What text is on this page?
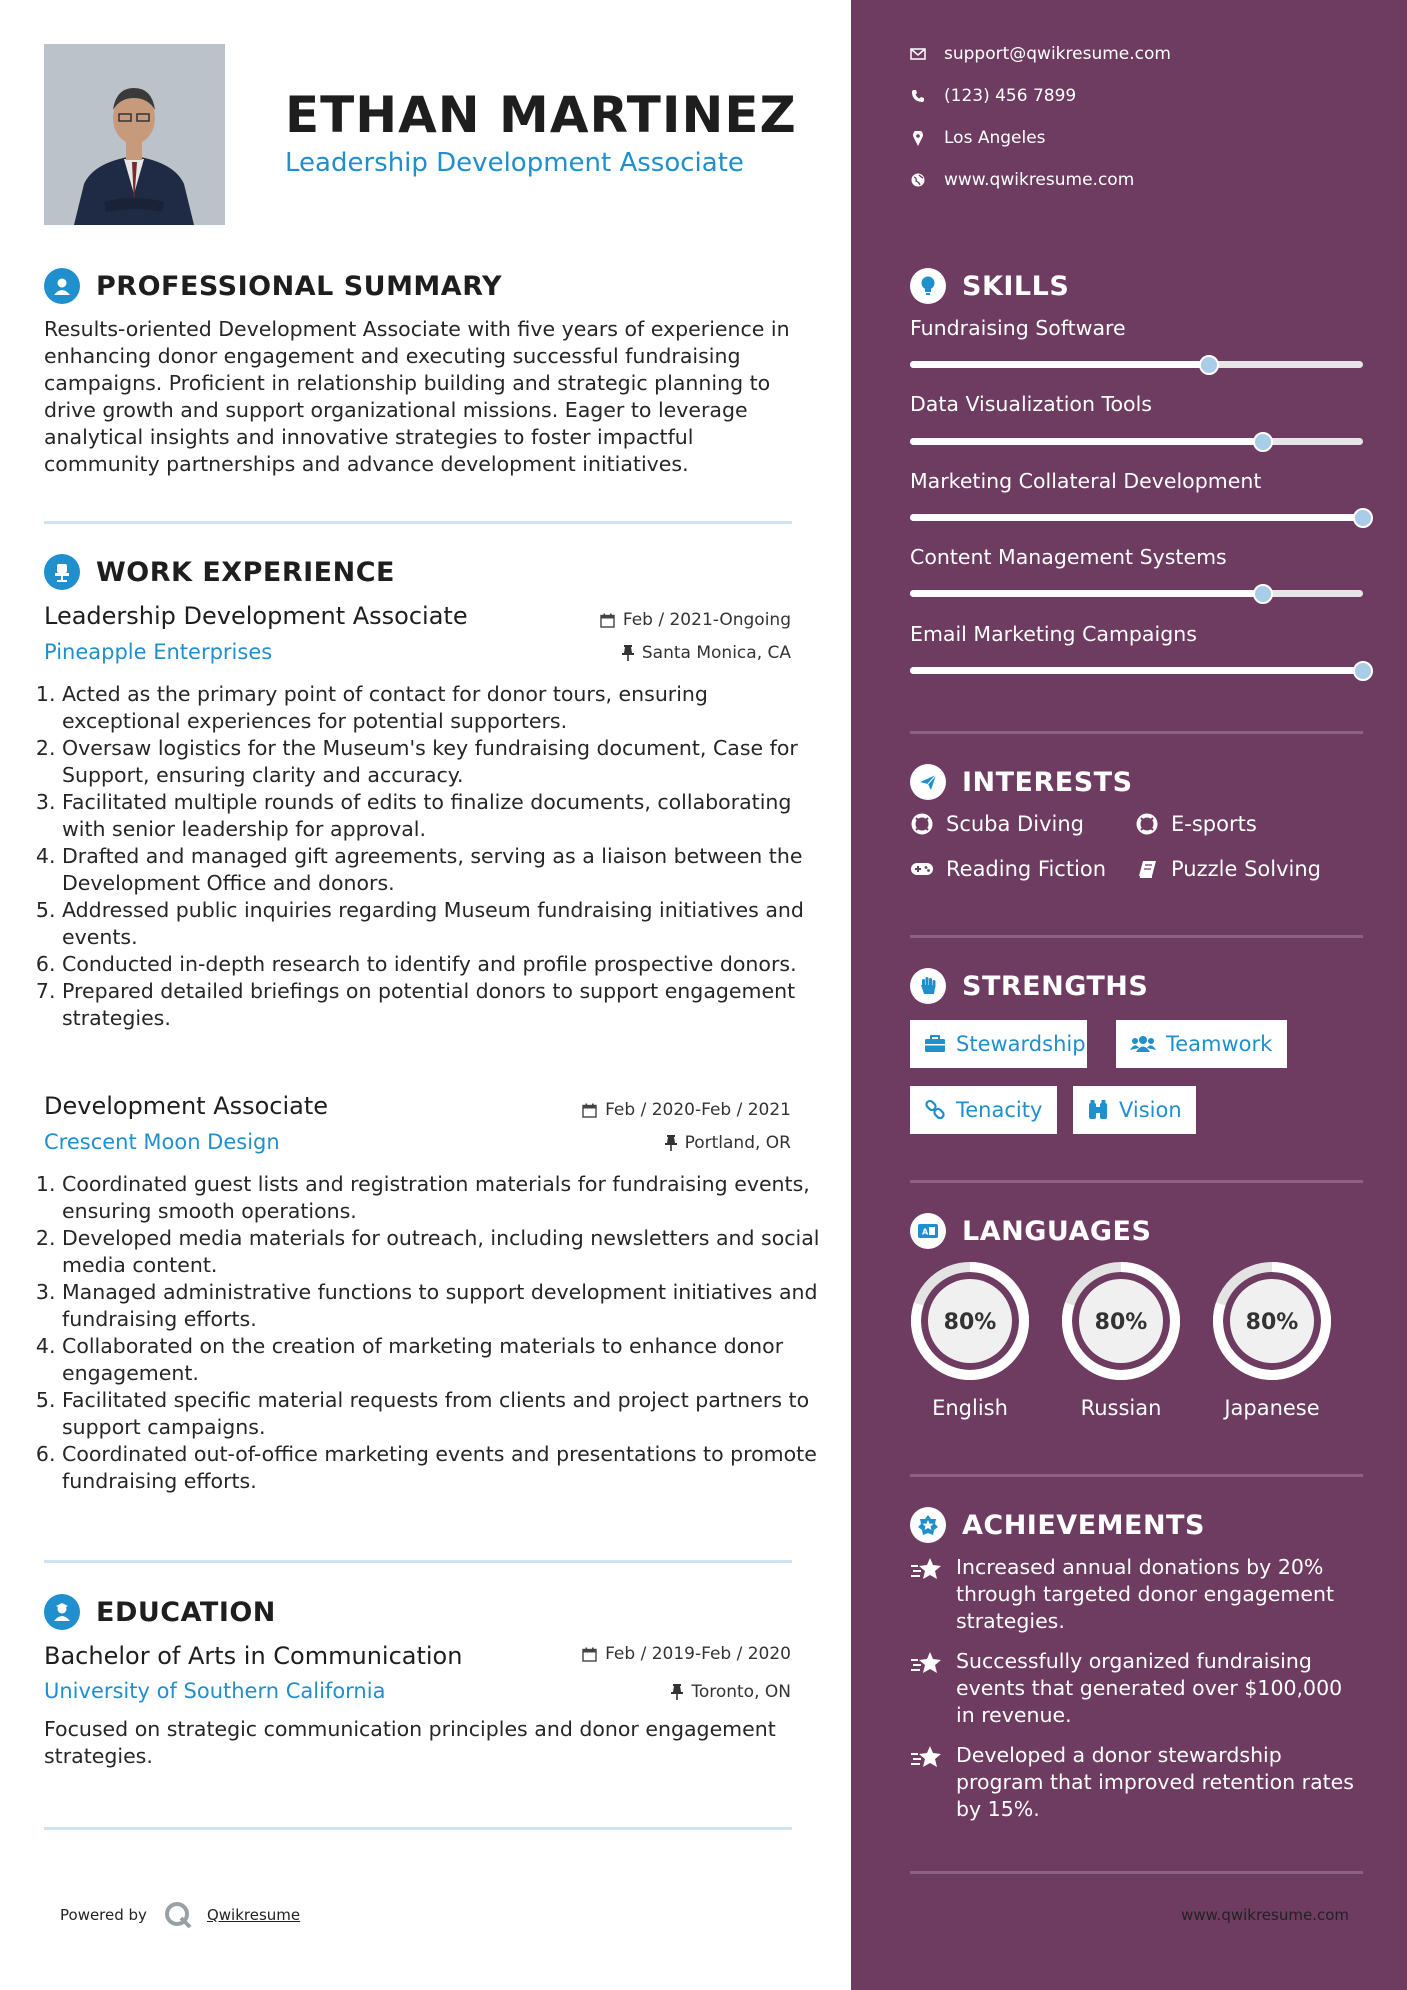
ETHAN MARTINEZ
Leadership Development Associate
PROFESSIONAL SUMMARY
Results-oriented Development Associate with five years of experience in enhancing donor engagement and executing successful fundraising campaigns. Proficient in relationship building and strategic planning to drive growth and support organizational missions. Eager to leverage analytical insights and innovative strategies to foster impactful community partnerships and advance development initiatives.
WORK EXPERIENCE
Leadership Development Associate	Feb / 2021-Ongoing
Pineapple Enterprises	Santa Monica, CA
1. Acted as the primary point of contact for donor tours, ensuring exceptional experiences for potential supporters.
2. Oversaw logistics for the Museum's key fundraising document, Case for Support, ensuring clarity and accuracy.
3. Facilitated multiple rounds of edits to finalize documents, collaborating with senior leadership for approval.
4. Drafted and managed gift agreements, serving as a liaison between the Development Office and donors.
5. Addressed public inquiries regarding Museum fundraising initiatives and events.
6. Conducted in-depth research to identify and profile prospective donors.
7. Prepared detailed briefings on potential donors to support engagement strategies.
Development Associate	Feb / 2020-Feb / 2021
Crescent Moon Design	Portland, OR
1. Coordinated guest lists and registration materials for fundraising events, ensuring smooth operations.
2. Developed media materials for outreach, including newsletters and social media content.
3. Managed administrative functions to support development initiatives and fundraising efforts.
4. Collaborated on the creation of marketing materials to enhance donor engagement.
5. Facilitated specific material requests from clients and project partners to support campaigns.
6. Coordinated out-of-office marketing events and presentations to promote fundraising efforts.
EDUCATION
Bachelor of Arts in Communication	Feb / 2019-Feb / 2020
University of Southern California	Toronto, ON
Focused on strategic communication principles and donor engagement strategies.
Powered by	Qwikresume
support@qwikresume.com
(123) 456 7899
Los Angeles
www.qwikresume.com
SKILLS
Fundraising Software
Data Visualization Tools
Marketing Collateral Development
Content Management Systems
Email Marketing Campaigns
INTERESTS
Scuba Diving	E-sports
Reading Fiction	Puzzle Solving
STRENGTHS
Stewardship	Teamwork
Tenacity	Vision
A LANGUAGES
80%
English
80%
Russian
80%
Japanese
ACHIEVEMENTS
Increased annual donations by 20% through targeted donor engagement strategies.
Successfully organized fundraising events that generated over $100,000 in revenue.
Developed a donor stewardship program that improved retention rates by 15%.
www.qwikresume.com
